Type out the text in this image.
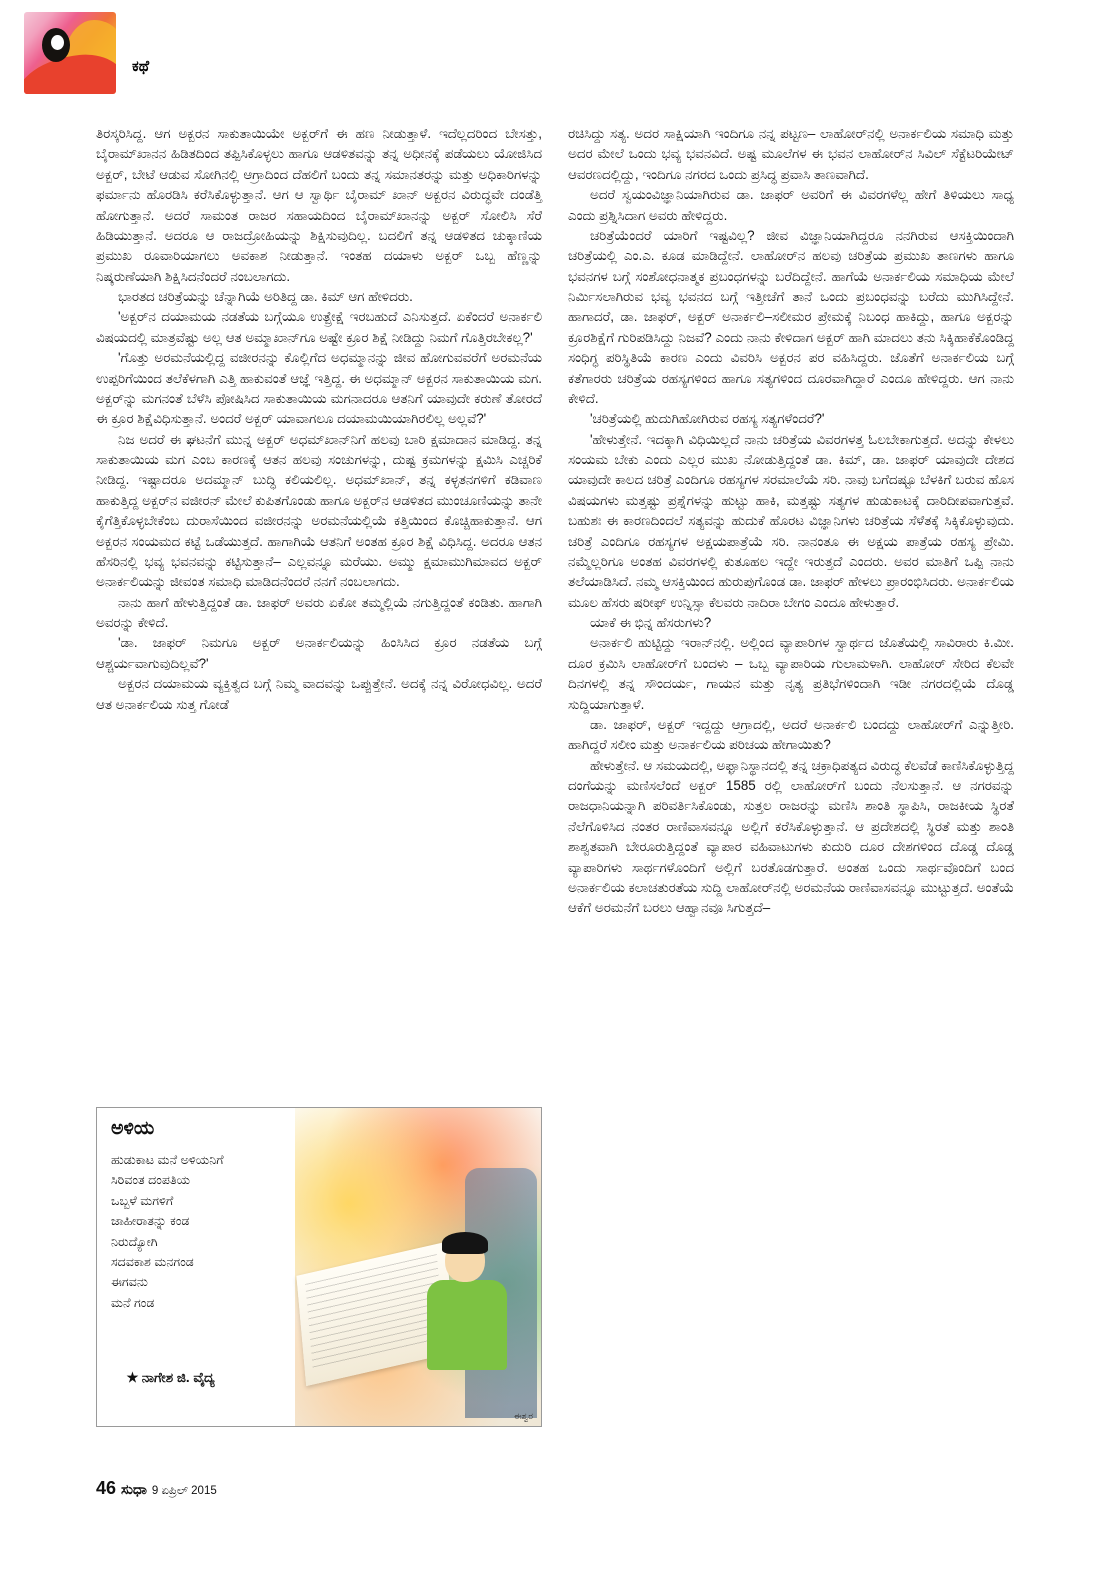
ಕಥೆ

ತಿರಸ್ಕರಿಸಿದ್ದ. ಆಗ ಅಕ್ಬರನ ಸಾಕುತಾಯಿಯೇ ಅಕ್ಬರ್‌ಗೆ ಈ ಹಣ ನೀಡುತ್ತಾಳೆ. ಇದೆಲ್ಲದರಿಂದ ಬೇಸತ್ತು, ಬೈರಾಮ್‌ಖಾನನ ಹಿಡಿತದಿಂದ ತಪ್ಪಿಸಿಕೊಳ್ಳಲು ಹಾಗೂ ಆಡಳಿತವನ್ನು ತನ್ನ ಅಧೀನಕ್ಕೆ ಪಡೆಯಲು ಯೋಜಿಸಿದ ಅಕ್ಬರ್, ಬೇಟೆ ಆಡುವ ಸೋಗಿನಲ್ಲಿ ಆಗ್ರಾದಿಂದ ದೆಹಲಿಗೆ ಬಂದು ತನ್ನ ಸಮಾನತರನ್ನು ಮತ್ತು ಅಧಿಕಾರಿಗಳನ್ನು ಫರ್ಮಾನು ಹೊರಡಿಸಿ ಕರೆಸಿಕೊಳ್ಳುತ್ತಾನೆ. ಆಗ ಆ ಸ್ವಾರ್ಥಿ ಬೈರಾಮ್ ಖಾನ್ ಅಕ್ಬರನ ವಿರುದ್ಧವೇ ದಂಡೆತ್ತಿ ಹೋಗುತ್ತಾನೆ. ಅದರೆ ಸಾಮಂತ ರಾಜರ ಸಹಾಯದಿಂದ ಬೈರಾಮ್‌ಖಾನನ್ನು ಅಕ್ಬರ್ ಸೋಲಿಸಿ ಸೆರೆ ಹಿಡಿಯುತ್ತಾನೆ. ಅದರೂ ಆ ರಾಜದ್ರೋಹಿಯನ್ನು ಶಿಕ್ಷಿಸುವುದಿಲ್ಲ. ಬದಲಿಗೆ ತನ್ನ ಆಡಳಿತದ ಚುಕ್ಕಾಣಿಯ ಪ್ರಮುಖ ರೂವಾರಿಯಾಗಲು ಅವಕಾಶ ನೀಡುತ್ತಾನೆ. ಇಂತಹ ದಯಾಳು ಅಕ್ಬರ್ ಒಬ್ಬ ಹೆಣ್ಣನ್ನು ನಿಷ್ಕರುಣೆಯಾಗಿ ಶಿಕ್ಷಿಸಿದನೆಂದರೆ ನಂಬಲಾಗದು.

ಭಾರತದ ಚರಿತ್ರೆಯನ್ನು ಚೆನ್ನಾಗಿಯೆ ಅರಿತಿದ್ದ ಡಾ. ಕಿಮ್ ಆಗ ಹೇಳಿದರು.

'ಅಕ್ಬರ್‌ನ ದಯಾಮಯ ನಡತೆಯ ಬಗ್ಗೆಯೂ ಉತ್ಪ್ರೇಕ್ಷೆ ಇರಬಹುದೆ ಎನಿಸುತ್ತದೆ. ಏಕೆಂದರೆ ಅನಾರ್ಕಲಿ ವಿಷಯದಲ್ಲಿ ಮಾತ್ರವೆಷ್ಟು ಅಲ್ಲ ಆತ ಅಮ್ಮಾಖಾನ್‌ಗೂ ಅಷ್ಟೇ ಕ್ರೂರ ಶಿಕ್ಷೆ ನೀಡಿದ್ದು ನಿಮಗೆ ಗೊತ್ತಿರಬೇಕಲ್ಲ?'

'ಗೊತ್ತು ಅರಮನೆಯಲ್ಲಿದ್ದ ವಜೀರನನ್ನು ಕೊಲ್ಲಿಗೆದ ಅಧಮ್ಮಾನನ್ನು ಜೀವ ಹೋಗುವವರೆಗೆ ಅರಮನೆಯ ಉಪ್ಪರಿಗೆಯಿಂದ ತಲೆಕೆಳಗಾಗಿ ಎತ್ತಿ ಹಾಕುವಂತೆ ಆಜ್ಞೆ ಇತ್ತಿದ್ದ. ಈ ಅಧಮ್ಮಾನ್ ಅಕ್ಬರನ ಸಾಕುತಾಯಿಯ ಮಗ. ಅಕ್ಬರ್‌ನ್ನು ಮಗನಂತೆ ಬೆಳೆಸಿ ಪೋಷಿಸಿದ ಸಾಕುತಾಯಿಯ ಮಗನಾದರೂ ಆತನಿಗೆ ಯಾವುದೇ ಕರುಣೆ ತೋರದೆ ಈ ಕ್ರೂರ ಶಿಕ್ಷೆವಿಧಿಸುತ್ತಾನೆ. ಅಂದರೆ ಅಕ್ಬರ್ ಯಾವಾಗಲೂ ದಯಾಮಯಿಯಾಗಿರಲಿಲ್ಲ ಅಲ್ಲವೆ?'

ನಿಜ ಅದರೆ ಈ ಘಟನೆಗೆ ಮುನ್ನ ಅಕ್ಬರ್ ಅಧಮ್‌ಖಾನ್‌ನಿಗೆ ಹಲವು ಬಾರಿ ಕ್ಷಮಾದಾನ ಮಾಡಿದ್ದ. ತನ್ನ ಸಾಕುತಾಯಿಯ ಮಗ ಎಂಬ ಕಾರಣಕ್ಕೆ ಆತನ ಹಲವು ಸಂಚುಗಳನ್ನು, ದುಷ್ಟ ಕ್ರಮಗಳನ್ನು ಕ್ಷಮಿಸಿ ಎಚ್ಚರಿಕೆ ನೀಡಿದ್ದ. ಇಷ್ಟಾದರೂ ಅದಮ್ಮಾನ್ ಬುದ್ಧಿ ಕಲಿಯಲಿಲ್ಲ. ಅಧಮ್‌ಖಾನ್, ತನ್ನ ಕಳ್ಳತನಗಳಿಗೆ ಕಡಿವಾಣ ಹಾಕುತ್ತಿದ್ದ ಅಕ್ಬರ್‌ನ ವಜೀರನ್ ಮೇಲೆ ಕುಪಿತಗೊಂಡು ಹಾಗೂ ಅಕ್ಬರ್‌ನ ಆಡಳಿತದ ಮುಂಚೂಣಿಯನ್ನು ತಾನೇ ಕೈಗೆತ್ತಿಕೊಳ್ಳಬೇಕೆಂಬ ದುರಾಸೆಯಿಂದ ವಜೀರನನ್ನು ಅರಮನೆಯಲ್ಲಿಯೆ ಕತ್ತಿಯಿಂದ ಕೊಚ್ಚಿಹಾಕುತ್ತಾನೆ. ಆಗ ಅಕ್ಬರನ ಸಂಯಮದ ಕಟ್ಟೆ ಒಡೆಯುತ್ತದೆ. ಹಾಗಾಗಿಯೆ ಆತನಿಗೆ ಅಂತಹ ಕ್ರೂರ ಶಿಕ್ಷೆ ವಿಧಿಸಿದ್ದ. ಅದರೂ ಆತನ ಹೆಸರಿನಲ್ಲಿ ಭವ್ಯ ಭವನವನ್ನು ಕಟ್ಟಿಸುತ್ತಾನೆ– ಎಲ್ಲವನ್ನೂ ಮರೆಯು. ಅಮ್ಮು ಕ್ಷಮಾಮುಗಿಮಾವದ ಅಕ್ಬರ್ ಅನಾರ್ಕಲಿಯನ್ನು ಜೀವಂತ ಸಮಾಧಿ ಮಾಡಿದನೆಂದರೆ ನನಗೆ ನಂಬಲಾಗದು.

ನಾನು ಹಾಗೆ ಹೇಳುತ್ತಿದ್ದಂತೆ ಡಾ. ಜಾಫರ್ ಅವರು ಏಕೋ ತಮ್ಮಲ್ಲಿಯೆ ನಗುತ್ತಿದ್ದಂತೆ ಕಂಡಿತು. ಹಾಗಾಗಿ ಅವರನ್ನು ಕೇಳಿದೆ.

'ಡಾ. ಜಾಫರ್ ನಿಮಗೂ ಅಕ್ಬರ್ ಅನಾರ್ಕಲಿಯನ್ನು ಹಿಂಸಿಸಿದ ಕ್ರೂರ ನಡತೆಯ ಬಗ್ಗೆ ಆಶ್ಚರ್ಯವಾಗುವುದಿಲ್ಲವೆ?'

ಅಕ್ಬರನ ದಯಾಮಯ ವ್ಯಕ್ತಿತ್ವದ ಬಗ್ಗೆ ನಿಮ್ಮ ವಾದವನ್ನು ಒಪ್ಪುತ್ತೇನೆ. ಅದಕ್ಕೆ ನನ್ನ ವಿರೋಧವಿಲ್ಲ. ಅದರೆ ಆತ ಅನಾರ್ಕಲಿಯ ಸುತ್ತ ಗೋಡೆ

ರಚಿಸಿದ್ದು ಸತ್ಯ. ಅದರ ಸಾಕ್ಷಿಯಾಗಿ ಇಂದಿಗೂ ನನ್ನ ಪಟ್ಟಣ– ಲಾಹೋರ್‌ನಲ್ಲಿ ಅನಾರ್ಕಲಿಯ ಸಮಾಧಿ ಮತ್ತು ಅದರ ಮೇಲೆ ಒಂದು ಭವ್ಯ ಭವನವಿದೆ. ಅಷ್ಟ ಮೂಲೆಗಳ ಈ ಭವನ ಲಾಹೋರ್‌ನ ಸಿವಿಲ್ ಸೆಕ್ಟೆಟರಿಯೇಟ್ ಆವರಣದಲ್ಲಿದ್ದು, ಇಂದಿಗೂ ನಗರದ ಒಂದು ಪ್ರಸಿದ್ಧ ಪ್ರವಾಸಿ ತಾಣವಾಗಿದೆ.

ಅದರೆ ಸ್ವಯಂವಿಜ್ಞಾನಿಯಾಗಿರುವ ಡಾ. ಜಾಫರ್ ಅವರಿಗೆ ಈ ವಿವರಗಳೆಲ್ಲ ಹೇಗೆ ತಿಳಿಯಲು ಸಾಧ್ಯ ಎಂದು ಪ್ರಶ್ನಿಸಿದಾಗ ಅವರು ಹೇಳಿದ್ದರು.

ಚರಿತ್ರೆಯೆಂದರೆ ಯಾರಿಗೆ ಇಷ್ಟವಿಲ್ಲ? ಜೀವ ವಿಜ್ಞಾನಿಯಾಗಿದ್ದರೂ ನನಗಿರುವ ಆಸಕ್ತಿಯಿಂದಾಗಿ ಚರಿತ್ರೆಯಲ್ಲಿ ಎಂ.ಎ. ಕೂಡ ಮಾಡಿದ್ದೇನೆ. ಲಾಹೋರ್‌ನ ಹಲವು ಚರಿತ್ರೆಯ ಪ್ರಮುಖ ತಾಣಗಳು ಹಾಗೂ ಭವನಗಳ ಬಗ್ಗೆ ಸಂಶೋಧನಾತ್ಮಕ ಪ್ರಬಂಧಗಳನ್ನು ಬರೆದಿದ್ದೇನೆ. ಹಾಗೆಯೆ ಅನಾರ್ಕಲಿಯ ಸಮಾಧಿಯ ಮೇಲೆ ನಿರ್ಮಿಸಲಾಗಿರುವ ಭವ್ಯ ಭವನದ ಬಗ್ಗೆ ಇತ್ತೀಚೆಗೆ ತಾನೆ ಒಂದು ಪ್ರಬಂಧವನ್ನು ಬರೆದು ಮುಗಿಸಿದ್ದೇನೆ. ಹಾಗಾದರೆ, ಡಾ. ಜಾಫರ್, ಅಕ್ಬರ್ ಅನಾರ್ಕಲಿ–ಸಲೀಮರ ಪ್ರೇಮಕ್ಕೆ ನಿಬಂಧ ಹಾಕಿದ್ದು, ಹಾಗೂ ಅಕ್ಬರನ್ನು ಕ್ರೂರಶಿಕ್ಷೆಗೆ ಗುರಿಪಡಿಸಿದ್ದು ನಿಜವೆ? ಎಂದು ನಾನು ಕೇಳಿದಾಗ ಅಕ್ಬರ್ ಹಾಗಿ ಮಾದಲು ತನು ಸಿಕ್ಕಿಹಾಕೆಕೊಂಡಿದ್ದ ಸಂಧಿಗ್ಧ ಪರಿಸ್ಥಿತಿಯೆ ಕಾರಣ ಎಂದು ವಿವರಿಸಿ ಅಕ್ಬರನ ಪರ ವಹಿಸಿದ್ದರು. ಜೊತೆಗೆ ಅನಾರ್ಕಲಿಯ ಬಗ್ಗೆ ಕತೆಗಾರರು ಚರಿತ್ರೆಯ ರಹಸ್ಯಗಳಿಂದ ಹಾಗೂ ಸತ್ಯಗಳಿಂದ ದೂರವಾಗಿದ್ದಾರೆ ಎಂದೂ ಹೇಳಿದ್ದರು. ಆಗ ನಾನು ಕೇಳಿದೆ.

'ಚರಿತ್ರೆಯಲ್ಲಿ ಹುದುಗಿಹೋಗಿರುವ ರಹಸ್ಯ ಸತ್ಯಗಳೆಂದರೆ?'

'ಹೇಳುತ್ತೇನೆ. ಇದಕ್ಕಾಗಿ ವಿಧಿಯಿಲ್ಲದೆ ನಾನು ಚರಿತ್ರೆಯ ವಿವರಗಳತ್ತ ಓಲಬೇಕಾಗುತ್ತದೆ. ಅದನ್ನು ಕೇಳಲು ಸಂಯಮ ಬೇಕು ಎಂದು ಎಲ್ಲರ ಮುಖ ನೋಡುತ್ತಿದ್ದಂತೆ ಡಾ. ಕಿಮ್, ಡಾ. ಜಾಫರ್ ಯಾವುದೇ ದೇಶದ ಯಾವುದೇ ಕಾಲದ ಚರಿತ್ರೆ ಎಂದಿಗೂ ರಹಸ್ಯಗಳ ಸರಮಾಲೆಯೆ ಸರಿ. ನಾವು ಬಗೆದಷ್ಟೂ ಬೆಳಕಿಗೆ ಬರುವ ಹೊಸ ವಿಷಯಗಳು ಮತ್ತಷ್ಟು ಪ್ರಶ್ನೆಗಳನ್ನು ಹುಟ್ಟು ಹಾಕಿ, ಮತ್ತಷ್ಟು ಸತ್ಯಗಳ ಹುಡುಕಾಟಕ್ಕೆ ದಾರಿದೀಪವಾಗುತ್ತವೆ. ಬಹುಶಃ ಈ ಕಾರಣದಿಂದಲೆ ಸತ್ಯವನ್ನು ಹುದುಕೆ ಹೊರಟ ವಿಜ್ಞಾನಿಗಳು ಚರಿತ್ರೆಯ ಸೆಳೆತಕ್ಕೆ ಸಿಕ್ಕಿಕೊಳ್ಳುವುದು. ಚರಿತ್ರೆ ಎಂದಿಗೂ ರಹಸ್ಯಗಳ ಅಕ್ಷಯಪಾತ್ರೆಯೆ ಸರಿ. ನಾನಂತೂ ಈ ಅಕ್ಷಯ ಪಾತ್ರೆಯ ರಹಸ್ಯ ಪ್ರೇಮಿ. ನಮ್ಮೆಲ್ಲರಿಗೂ ಅಂತಹ ವಿವರಗಳಲ್ಲಿ ಕುತೂಹಲ ಇದ್ದೇ ಇರುತ್ತದೆ ಎಂದರು. ಅವರ ಮಾತಿಗೆ ಒಪ್ಪಿ ನಾನು ತಲೆಯಾಡಿಸಿದೆ. ನಮ್ಮ ಆಸಕ್ತಿಯಿಂದ ಹುರುಪುಗೊಂಡ ಡಾ. ಜಾಫರ್ ಹೇಳಲು ಪ್ರಾರಂಭಿಸಿದರು. ಅನಾರ್ಕಲಿಯ ಮೂಲ ಹೆಸರು ಷರೀಫ್ ಉನ್ನಿಸ್ಸಾ ಕೆಲವರು ನಾದಿರಾ ಬೇಗಂ ಎಂದೂ ಹೇಳುತ್ತಾರೆ.

ಯಾಕೆ ಈ ಭಿನ್ನ ಹೆಸರುಗಳು?

ಅನಾರ್ಕಲಿ ಹುಟ್ಟಿದ್ದು ಇರಾನ್‌ನಲ್ಲಿ. ಅಲ್ಲಿಂದ ವ್ಯಾಪಾರಿಗಳ ಸ್ವಾರ್ಥದ ಜೊತೆಯಲ್ಲಿ ಸಾವಿರಾರು ಕಿ.ಮೀ. ದೂರ ಕ್ರಮಿಸಿ ಲಾಹೋರ್‌ಗೆ ಬಂದಳು – ಒಬ್ಬ ವ್ಯಾಪಾರಿಯ ಗುಲಾಮಳಾಗಿ. ಲಾಹೋರ್ ಸೇರಿದ ಕೆಲವೇ ದಿನಗಳಲ್ಲಿ ತನ್ನ ಸೌಂದರ್ಯ, ಗಾಯನ ಮತ್ತು ನೃತ್ಯ ಪ್ರತಿಭೆಗಳಿಂದಾಗಿ ಇಡೀ ನಗರದಲ್ಲಿಯೆ ದೊಡ್ಡ ಸುದ್ದಿಯಾಗುತ್ತಾಳೆ.

ಡಾ. ಜಾಫರ್, ಅಕ್ಬರ್ ಇದ್ದದ್ದು ಆಗ್ರಾದಲ್ಲಿ, ಅದರೆ ಅನಾರ್ಕಲಿ ಬಂದದ್ದು ಲಾಹೋರ್‌ಗೆ ಎನ್ನುತ್ತೀರಿ. ಹಾಗಿದ್ದರೆ ಸಲೀಂ ಮತ್ತು ಅನಾರ್ಕಲಿಯ ಪರಿಚಯ ಹೇಗಾಯಿತು?

ಹೇಳುತ್ತೇನೆ. ಆ ಸಮಯದಲ್ಲಿ, ಅಫ್ಘಾನಿಸ್ಥಾನದಲ್ಲಿ ತನ್ನ ಚಕ್ರಾಧಿಪತ್ಯದ ವಿರುದ್ಧ ಕೆಲವೆಡೆ ಕಾಣಿಸಿಕೊಳ್ಳುತ್ತಿದ್ದ ದಂಗೆಯನ್ನು ಮಣಿಸಲೆಂದೆ ಅಕ್ಬರ್ 1585 ರಲ್ಲಿ ಲಾಹೋರ್‌ಗೆ ಬಂದು ನೆಲಸುತ್ತಾನೆ. ಆ ನಗರವನ್ನು ರಾಜಧಾನಿಯನ್ನಾಗಿ ಪರಿವರ್ತಿಸಿಕೊಂಡು, ಸುತ್ತಲ ರಾಜರನ್ನು ಮಣಿಸಿ ಶಾಂತಿ ಸ್ಥಾಪಿಸಿ, ರಾಜಕೀಯ ಸ್ಥಿರತೆ ನೆಲೆಗೊಳಿಸಿದ ನಂತರ ರಾಣಿವಾಸವನ್ನೂ ಅಲ್ಲಿಗೆ ಕರೆಸಿಕೊಳ್ಳುತ್ತಾನೆ. ಆ ಪ್ರದೇಶದಲ್ಲಿ ಸ್ಥಿರತೆ ಮತ್ತು ಶಾಂತಿ ಶಾಶ್ವತವಾಗಿ ಬೇರೂರುತ್ತಿದ್ದಂತೆ ವ್ಯಾಪಾರ ವಹಿವಾಟುಗಳು ಕುದುರಿ ದೂರ ದೇಶಗಳಿಂದ ದೊಡ್ಡ ದೊಡ್ಡ ವ್ಯಾಪಾರಿಗಳು ಸಾರ್ಥಗಳೊಂದಿಗೆ ಅಲ್ಲಿಗೆ ಬರತೊಡಗುತ್ತಾರೆ. ಅಂತಹ ಒಂದು ಸಾರ್ಥವೊಂದಿಗೆ ಬಂದ ಅನಾರ್ಕಲಿಯ ಕಲಾಚತುರತೆಯ ಸುದ್ದಿ ಲಾಹೋರ್‌ನಲ್ಲಿ ಅರಮನೆಯ ರಾಣಿವಾಸವನ್ನೂ ಮುಟ್ಟುತ್ತದೆ. ಅಂತೆಯೆ ಆಕೆಗೆ ಅರಮನೆಗೆ ಬರಲು ಆಹ್ವಾನವೂ ಸಿಗುತ್ತದೆ–

ಅಳಿಯ
ಹುಡುಕಾಟ ಮನೆ ಅಳಿಯನಿಗೆ
ಸಿರಿವಂತ ದಂಪತಿಯ
ಒಬ್ಬಳೆ ಮಗಳಿಗೆ
ಜಾಹೀರಾತನ್ನು ಕಂಡ
ನಿರುದ್ಯೋಗಿ
ಸದವಕಾಶ ಮನಗಂಡ
ಈಗವನು
ಮನೆ ಗಂಡ
★ ನಾಗೇಶ ಜಿ. ವೈದ್ಯ
ಈಶ್ವರ
46 ಸುಧಾ 9 ಏಪ್ರಿಲ್ 2015
